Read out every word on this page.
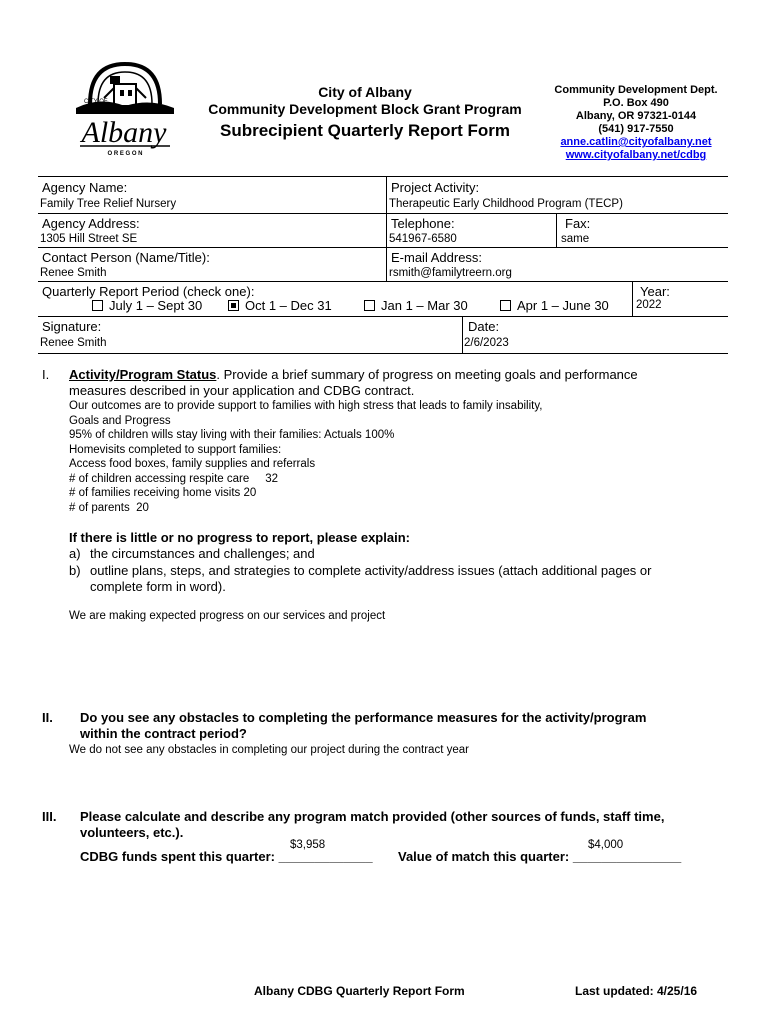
CITY OF
Albany
O R E G O N
City of Albany
Community Development Block Grant Program
Subrecipient Quarterly Report Form
Community Development Dept.
P.O. Box 490
Albany, OR 97321-0144
(541) 917-7550
anne.catlin@cityofalbany.net
www.cityofalbany.net/cdbg
Agency Name:
Family Tree Relief Nursery
Project Activity:
Therapeutic Early Childhood Program (TECP)
Agency Address:
1305 Hill Street SE
Telephone:
541967-6580
Fax:
same
Contact Person (Name/Title):
Renee Smith
E-mail Address:
rsmith@familytreern.org
Quarterly Report Period (check one):
July 1 – Sept 30	Oct 1 – Dec 31	Jan 1 – Mar 30	Apr 1 – June 30
Year:
2022
Signature:
Renee Smith
Date:
2/6/2023
I. Activity/Program Status. Provide a brief summary of progress on meeting goals and performance
measures described in your application and CDBG contract.
Our outcomes are to provide support to families with high stress that leads to family insability,
Goals and Progress
95% of children wills stay living with their families: Actuals 100%
Homevisits completed to support families:
Access food boxes, family supplies and referrals
# of children accessing respite care     32
# of families receiving home visits 20
# of parents  20
If there is little or no progress to report, please explain:
a) the circumstances and challenges; and
b) outline plans, steps, and strategies to complete activity/address issues (attach additional pages or
complete form in word).
We are making expected progress on our services and project
II. Do you see any obstacles to completing the performance measures for the activity/program
within the contract period?
We do not see any obstacles in completing our project during the contract year
III. Please calculate and describe any program match provided (other sources of funds, staff time,
volunteers, etc.).
$3,958	$4,000
CDBG funds spent this quarter: _____________ Value of match this quarter: _______________
Albany CDBG Quarterly Report Form	Last updated: 4/25/16
